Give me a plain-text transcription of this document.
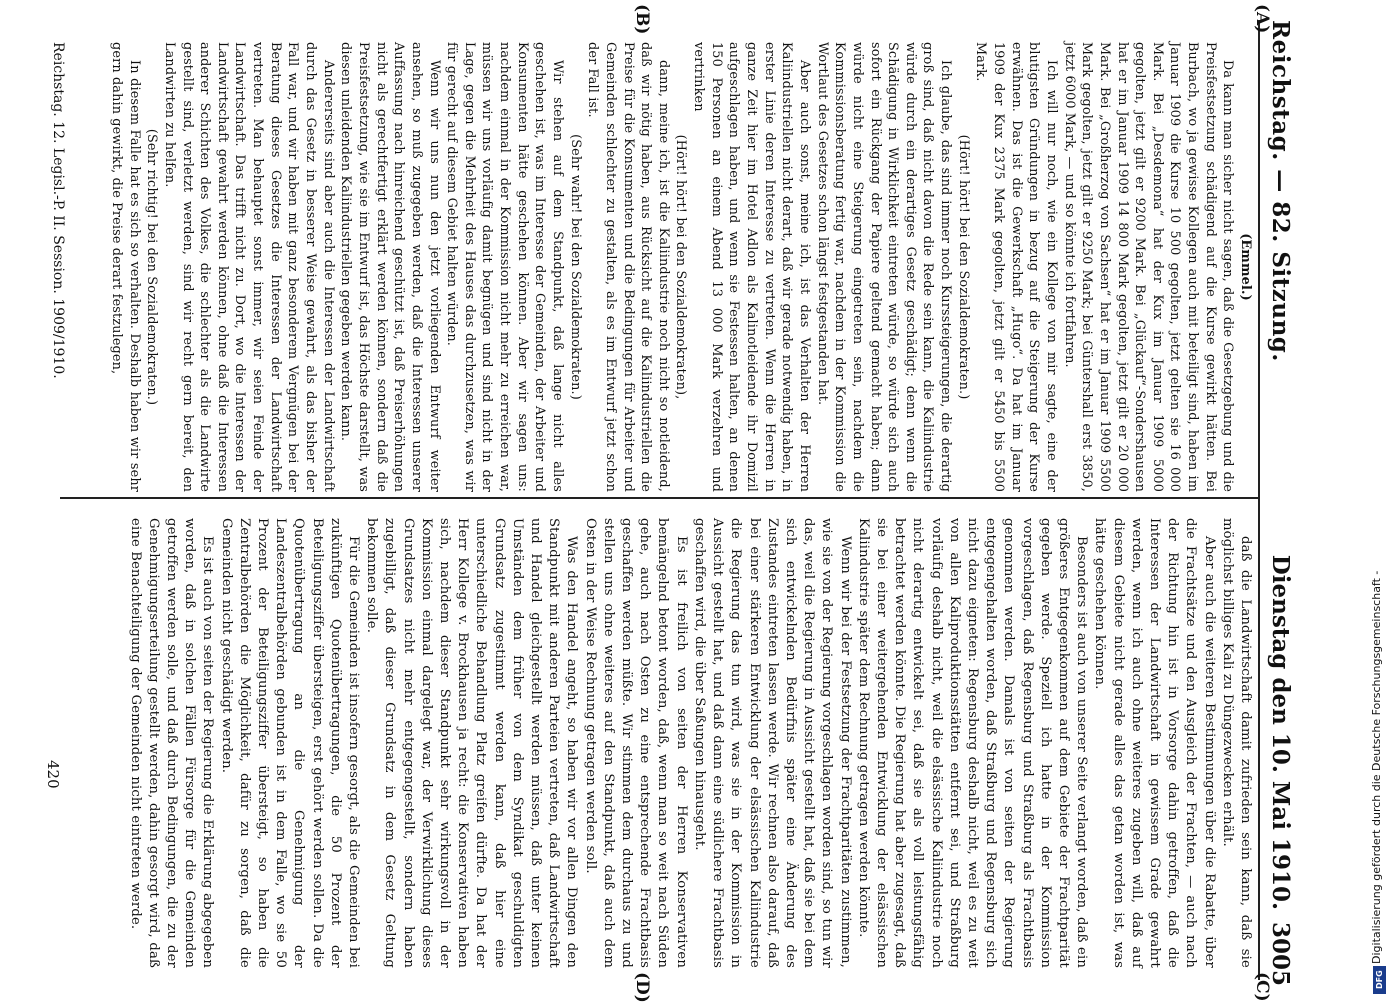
Reichstag. — 82. Sitzung.
Dienstag den 10. Mai 1910.
3005
(A)
(B)
(C)
(D)

(Emmel.)

Da kann man sicher nicht sagen, daß die Gesetzgebung und die Preisfestsetzung schädigend auf die Kurse gewirkt hätten. Bei Burbach, wo ja gewisse Kollegen auch mit beteiligt sind, haben im Januar 1909 die Kurse 10 500 gegolten, jetzt gelten sie 16 000 Mark. Bei „Desdemona“ hat der Kux im Januar 1909 5000 gegolten, jetzt gilt er 9200 Mark. Bei „Glückauf“-Sondershausen hat er im Januar 1909 14 800 Mark gegolten, jetzt gilt er 20 000 Mark. Bei „Großherzog von Sachsen“ hat er im Januar 1909 5500 Mark gegolten, jetzt gilt er 9250 Mark; bei Güntershall erst 3850, jetzt 6000 Mark, — und so könnte ich fortfahren.

Ich will nur noch, wie ein Kollege von mir sagte, eine der blutigsten Gründungen in bezug auf die Steigerung der Kurse erwähnen. Das ist die Gewerkschaft „Hugo“. Da hat im Januar 1909 der Kux 2375 Mark gegolten, jetzt gilt er 5450 bis 5500 Mark.

(Hört! hört! bei den Sozialdemokraten.)

Ich glaube, das sind immer noch Kurssteigerungen, die derartig groß sind, daß nicht davon die Rede sein kann, die Kaliindustrie würde durch ein derartiges Gesetz geschädigt; denn wenn die Schädigung in Wirklichkeit eintreten würde, so würde sich auch sofort ein Rückgang der Papiere geltend gemacht haben; dann würde nicht eine Steigerung eingetreten sein, nachdem die Kommissionsberatung fertig war, nachdem in der Kommission die Wortlaut des Gesetzes schon längst festgestanden hat.

Aber auch sonst, meine ich, ist das Verhalten der Herren Kaliindustriellen nicht derart, daß wir gerade notwendig haben, in erster Linie deren Interesse zu vertreten. Wenn die Herren in ganze Zeit hier im Hotel Adlon als Kalinotleidende ihr Domizil aufgeschlagen haben, und wenn sie Festessen halten, an denen 150 Personen an einem Abend 13 000 Mark verzehren und vertrinken

(Hört! hört! bei den Sozialdemokraten),

dann, meine ich, ist die Kaliindustrie noch nicht so notleidend, daß wir nötig haben, aus Rücksicht auf die Kaliindustriellen die Preise für die Konsumenten und die Bedingungen für Arbeiter und Gemeinden schlechter zu gestalten, als es im Entwurf jetzt schon der Fall ist.

(Sehr wahr! bei den Sozialdemokraten.)

Wir stehen auf dem Standpunkt, daß lange nicht alles geschehen ist, was im Interesse der Gemeinden, der Arbeiter und Konsumenten hätte geschehen können. Aber wir sagen uns: nachdem einmal in der Kommission nicht mehr zu erreichen war, müssen wir uns vorläufig damit begnügen und sind nicht in der Lage, gegen die Mehrheit des Hauses das durchzusetzen, was wir für gerecht auf diesem Gebiet halten würden.

Wenn wir uns nun den jetzt vorliegenden Entwurf weiter ansehen, so muß zugegeben werden, daß die Interessen unserer Auffassung nach hinreichend geschützt ist, daß Preiserhöhungen nicht als gerechtfertigt erklärt werden können, sondern daß die Preisfestsetzung, wie sie im Entwurf ist, das Höchste darstellt, was diesen unleidenden Kaliindustriellen gegeben werden kann.

Andererseits sind aber auch die Interessen der Landwirtschaft durch das Gesetz in besserer Weise gewahrt, als das bisher der Fall war, und wir haben mit ganz besonderem Vergnügen bei der Beratung dieses Gesetzes die Interessen der Landwirtschaft vertreten. Man behauptet sonst immer, wir seien Feinde der Landwirtschaft. Das trifft nicht zu. Dort, wo die Interessen der Landwirtschaft gewahrt werden können, ohne daß die Interessen anderer Schichten des Volkes, die schlechter als die Landwirte gestellt sind, verletzt werden, sind wir recht gern bereit, den Landwirten zu helfen.

(Sehr richtig! bei den Sozialdemokraten.)

In diesem Falle hat es sich so verhalten. Deshalb haben wir sehr gern dahin gewirkt, die Preise derart festzulegen,

daß die Landwirtschaft damit zufrieden sein kann, daß sie möglichst billiges Kali zu Düngezwecken erhält.

Aber auch die weiteren Bestimmungen über die Rabatte, über die Frachtsätze und den Ausgleich der Frachten, — auch nach der Richtung hin ist in Vorsorge dahin getroffen, daß die Interessen der Landwirtschaft in gewissem Grade gewahrt werden, wenn ich auch ohne weiteres zugeben will, daß auf diesem Gebiete nicht gerade alles das getan worden ist, was hätte geschehen können.

Besonders ist auch von unserer Seite verlangt worden, daß ein größeres Entgegenkommen auf dem Gebiete der Frachtparität gegeben werde. Speziell ich hatte in der Kommission vorgeschlagen, daß Regensburg und Straßburg als Frachtbasis genommen werden. Damals ist von seiten der Regierung entgegengehalten worden, daß Straßburg und Regensburg sich nicht dazu eigneten: Regensburg deshalb nicht, weil es zu weit von allen Kaliproduktionsstätten entfernt sei, und Straßburg vorläufig deshalb nicht, weil die elsässische Kaliindustrie noch nicht derartig entwickelt sei, daß sie als voll leistungsfähig betrachtet werden könnte. Die Regierung hat aber zugesagt, daß sie bei einer weitergehenden Entwicklung der elsässischen Kaliindustrie später dem Rechnung getragen werden könnte.

Wenn wir bei der Festsetzung der Frachtparitäten zustimmen, wie sie von der Regierung vorgeschlagen worden sind, so tun wir das, weil die Regierung in Aussicht gestellt hat, daß sie bei dem sich entwickelnden Bedürfnis später eine Änderung des Zustandes eintreten lassen werde. Wir rechnen also darauf, daß bei einer stärkeren Entwicklung der elsässischen Kaliindustrie die Regierung das tun wird, was sie in der Kommission in Aussicht gestellt hat, und daß dann eine südlichere Frachtbasis geschaffen wird, die über Saßungen hinausgeht.

Es ist freilich von seiten der Herren Konservativen bemängelnd betont worden, daß, wenn man so weit nach Süden gehe, auch nach Osten zu eine entsprechende Frachtbasis geschaffen werden müßte. Wir stimmen dem durchaus zu und stellen uns ohne weiteres auf den Standpunkt, daß auch dem Osten in der Weise Rechnung getragen werden soll.

Was den Handel angeht, so haben wir vor allen Dingen den Standpunkt mit anderen Parteien vertreten, daß Landwirtschaft und Handel gleichgestellt werden müssen, daß unter keinen Umständen dem früher von dem Syndikat geschuldigten Grundsatz zugestimmt werden kann, daß hier eine unterschiedliche Behandlung Platz greifen dürfte. Da hat der Herr Kollege v. Brockhausen ja recht: die Konservativen haben sich, nachdem dieser Standpunkt sehr wirkungsvoll in der Kommission einmal dargelegt war, der Verwirklichung dieses Grundsatzes nicht mehr entgegengestellt, sondern haben zugebilligt, daß dieser Grundsatz in dem Gesetz Geltung bekommen solle.

Für die Gemeinden ist insofern gesorgt, als die Gemeinden bei zukünftigen Quotenübertragungen, die 50 Prozent der Beteiligungsziffer übersteigen, erst gehört werden sollen. Da die Quotenübertragung an die Genehmigung der Landeszentralbehörden gebunden ist in dem Falle, wo sie 50 Prozent der Beteiligungsziffer übersteigt, so haben die Zentralbehörden die Möglichkeit, dafür zu sorgen, daß die Gemeinden nicht geschädigt werden.

Es ist auch von seiten der Regierung die Erklärung abgegeben worden, daß in solchen Fällen Fürsorge für die Gemeinden getroffen werden solle, und daß durch Bedingungen, die zu der Genehmigungserteilung gestellt werden, dahin gesorgt wird, daß eine Benachteiligung der Gemeinden nicht eintreten werde.

Reichstag. 12. Legisl.-P. II. Session. 1909/1910.
420	Digitalisierung gefördert durch die Deutsche Forschungsgemeinschaft -
DFG
